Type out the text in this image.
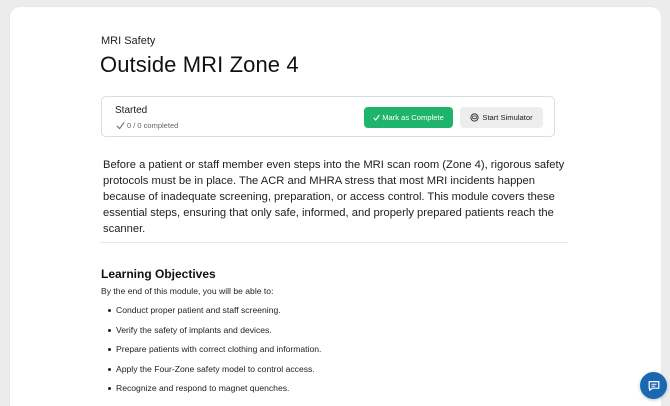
MRI Safety
Outside MRI Zone 4
Started
0 / 0 completed
Mark as Complete	Start Simulator

Before a patient or staff member even steps into the MRI scan room (Zone 4), rigorous safety protocols must be in place. The ACR and MHRA stress that most MRI incidents happen because of inadequate screening, preparation, or access control. This module covers these essential steps, ensuring that only safe, informed, and properly prepared patients reach the scanner.

Learning Objectives
By the end of this module, you will be able to:
Conduct proper patient and staff screening.
Verify the safety of implants and devices.
Prepare patients with correct clothing and information.
Apply the Four-Zone safety model to control access.
Recognize and respond to magnet quenches.
